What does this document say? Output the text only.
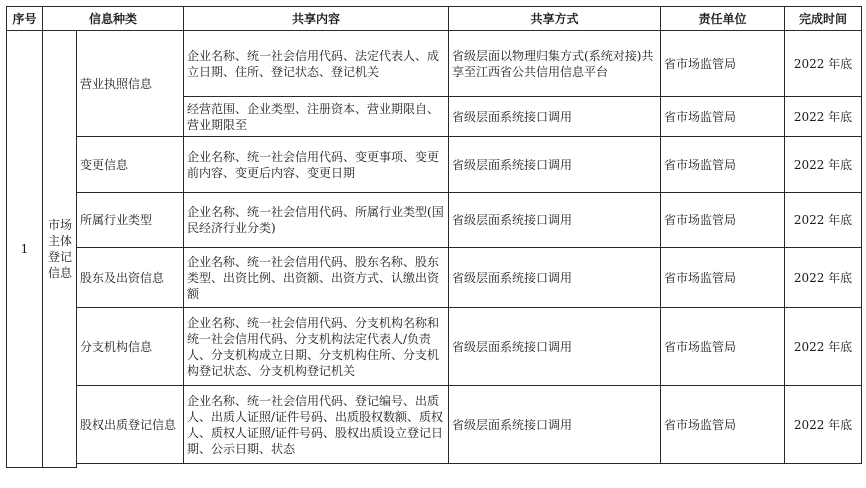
序号	信息种类		共享内容	共享方式	责任单位	完成时间
1	市场主体登记信息	营业执照信息	企业名称、统一社会信用代码、法定代表人、成立日期、住所、登记状态、登记机关	省级层面以物理归集方式(系统对接)共享至江西省公共信用信息平台	省市场监管局	2022 年底
			经营范围、企业类型、注册资本、营业期限自、营业期限至	省级层面系统接口调用	省市场监管局	2022 年底
		变更信息	企业名称、统一社会信用代码、变更事项、变更前内容、变更后内容、变更日期	省级层面系统接口调用	省市场监管局	2022 年底
		所属行业类型	企业名称、统一社会信用代码、所属行业类型(国民经济行业分类)	省级层面系统接口调用	省市场监管局	2022 年底
		股东及出资信息	企业名称、统一社会信用代码、股东名称、股东类型、出资比例、出资额、出资方式、认缴出资额	省级层面系统接口调用	省市场监管局	2022 年底
		分支机构信息	企业名称、统一社会信用代码、分支机构名称和统一社会信用代码、分支机构法定代表人/负责人、分支机构成立日期、分支机构住所、分支机构登记状态、分支机构登记机关	省级层面系统接口调用	省市场监管局	2022 年底
		股权出质登记信息	企业名称、统一社会信用代码、登记编号、出质人、出质人证照/证件号码、出质股权数额、质权人、质权人证照/证件号码、股权出质设立登记日期、公示日期、状态	省级层面系统接口调用	省市场监管局	2022 年底
